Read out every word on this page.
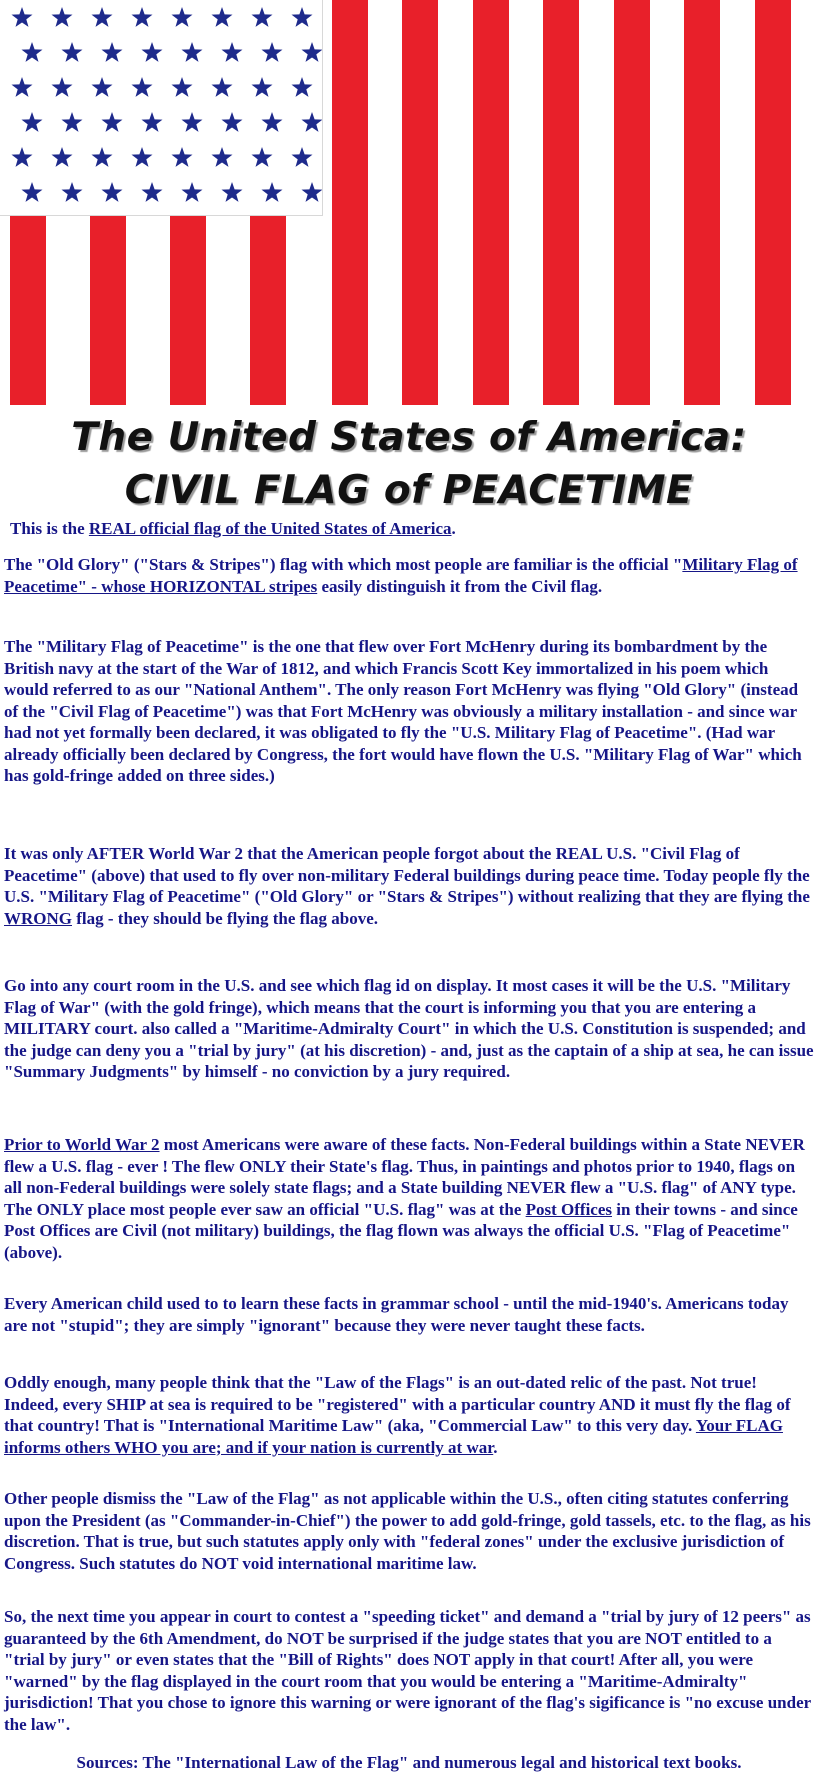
The United States of America:
CIVIL FLAG of PEACETIME

This is the REAL official flag of the United States of America.

The "Old Glory" ("Stars & Stripes") flag with which most people are familiar is the official "Military Flag of Peacetime" - whose HORIZONTAL stripes easily distinguish it from the Civil flag.

The "Military Flag of Peacetime" is the one that flew over Fort McHenry during its bombardment by the British navy at the start of the War of 1812, and which Francis Scott Key immortalized in his poem which would referred to as our "National Anthem". The only reason Fort McHenry was flying "Old Glory" (instead of the "Civil Flag of Peacetime") was that Fort McHenry was obviously a military installation - and since war had not yet formally been declared, it was obligated to fly the "U.S. Military Flag of Peacetime". (Had war already officially been declared by Congress, the fort would have flown the U.S. "Military Flag of War" which has gold-fringe added on three sides.)

It was only AFTER World War 2 that the American people forgot about the REAL U.S. "Civil Flag of Peacetime" (above) that used to fly over non-military Federal buildings during peace time. Today people fly the U.S. "Military Flag of Peacetime" ("Old Glory" or "Stars & Stripes") without realizing that they are flying the WRONG flag - they should be flying the flag above.

Go into any court room in the U.S. and see which flag id on display. It most cases it will be the U.S. "Military Flag of War" (with the gold fringe), which means that the court is informing you that you are entering a MILITARY court. also called a "Maritime-Admiralty Court" in which the U.S. Constitution is suspended; and the judge can deny you a "trial by jury" (at his discretion) - and, just as the captain of a ship at sea, he can issue "Summary Judgments" by himself - no conviction by a jury required.

Prior to World War 2 most Americans were aware of these facts. Non-Federal buildings within a State NEVER flew a U.S. flag - ever ! The flew ONLY their State's flag. Thus, in paintings and photos prior to 1940, flags on all non-Federal buildings were solely state flags; and a State building NEVER flew a "U.S. flag" of ANY type. The ONLY place most people ever saw an official "U.S. flag" was at the Post Offices in their towns - and since Post Offices are Civil (not military) buildings, the flag flown was always the official U.S. "Flag of Peacetime" (above).

Every American child used to to learn these facts in grammar school - until the mid-1940's. Americans today are not "stupid"; they are simply "ignorant" because they were never taught these facts.

Oddly enough, many people think that the "Law of the Flags" is an out-dated relic of the past. Not true! Indeed, every SHIP at sea is required to be "registered" with a particular country AND it must fly the flag of that country! That is "International Maritime Law" (aka, "Commercial Law" to this very day. Your FLAG informs others WHO you are; and if your nation is currently at war.

Other people dismiss the "Law of the Flag" as not applicable within the U.S., often citing statutes conferring upon the President (as "Commander-in-Chief") the power to add gold-fringe, gold tassels, etc. to the flag, as his discretion. That is true, but such statutes apply only with "federal zones" under the exclusive jurisdiction of Congress. Such statutes do NOT void international maritime law.

So, the next time you appear in court to contest a "speeding ticket" and demand a "trial by jury of 12 peers" as guaranteed by the 6th Amendment, do NOT be surprised if the judge states that you are NOT entitled to a "trial by jury" or even states that the "Bill of Rights" does NOT apply in that court! After all, you were "warned" by the flag displayed in the court room that you would be entering a "Maritime-Admiralty" jurisdiction! That you chose to ignore this warning or were ignorant of the flag's sigificance is "no excuse under the law".

Sources: The "International Law of the Flag" and numerous legal and historical text books.
